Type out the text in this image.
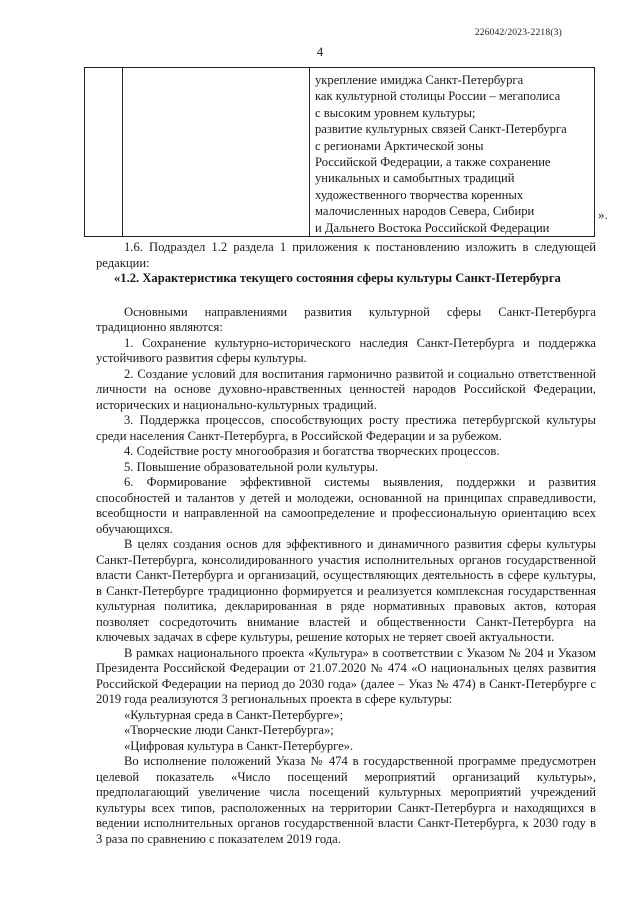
226042/2023-2218(3)
4

укрепление имиджа Санкт-Петербурга
как культурной столицы России – мегаполиса
с высоким уровнем культуры;
развитие культурных связей Санкт-Петербурга
с регионами Арктической зоны
Российской Федерации, а также сохранение
уникальных и самобытных традиций
художественного творчества коренных
малочисленных народов Севера, Сибири
и Дальнего Востока Российской Федерации
».

1.6. Подраздел 1.2 раздела 1 приложения к постановлению изложить в следующей редакции:

«1.2. Характеристика текущего состояния сферы культуры Санкт-Петербурга

Основными направлениями развития культурной сферы Санкт-Петербурга традиционно являются:

1. Сохранение культурно-исторического наследия Санкт-Петербурга и поддержка устойчивого развития сферы культуры.

2. Создание условий для воспитания гармонично развитой и социально ответственной личности на основе духовно-нравственных ценностей народов Российской Федерации, исторических и национально-культурных традиций.

3. Поддержка процессов, способствующих росту престижа петербургской культуры среди населения Санкт-Петербурга, в Российской Федерации и за рубежом.

4. Содействие росту многообразия и богатства творческих процессов.

5. Повышение образовательной роли культуры.

6. Формирование эффективной системы выявления, поддержки и развития способностей и талантов у детей и молодежи, основанной на принципах справедливости, всеобщности и направленной на самоопределение и профессиональную ориентацию всех обучающихся.

В целях создания основ для эффективного и динамичного развития сферы культуры Санкт-Петербурга, консолидированного участия исполнительных органов государственной власти Санкт-Петербурга и организаций, осуществляющих деятельность в сфере культуры, в Санкт-Петербурге традиционно формируется и реализуется комплексная государственная культурная политика, декларированная в ряде нормативных правовых актов, которая позволяет сосредоточить внимание властей и общественности Санкт-Петербурга на ключевых задачах в сфере культуры, решение которых не теряет своей актуальности.

В рамках национального проекта «Культура» в соответствии с Указом № 204 и Указом Президента Российской Федерации от 21.07.2020 № 474 «О национальных целях развития Российской Федерации на период до 2030 года» (далее – Указ № 474) в Санкт-Петербурге с 2019 года реализуются 3 региональных проекта в сфере культуры:

«Культурная среда в Санкт-Петербурге»;

«Творческие люди Санкт-Петербурга»;

«Цифровая культура в Санкт-Петербурге».

Во исполнение положений Указа № 474 в государственной программе предусмотрен целевой показатель «Число посещений мероприятий организаций культуры», предполагающий увеличение числа посещений культурных мероприятий учреждений культуры всех типов, расположенных на территории Санкт-Петербурга и находящихся в ведении исполнительных органов государственной власти Санкт-Петербурга, к 2030 году в 3 раза по сравнению с показателем 2019 года.
